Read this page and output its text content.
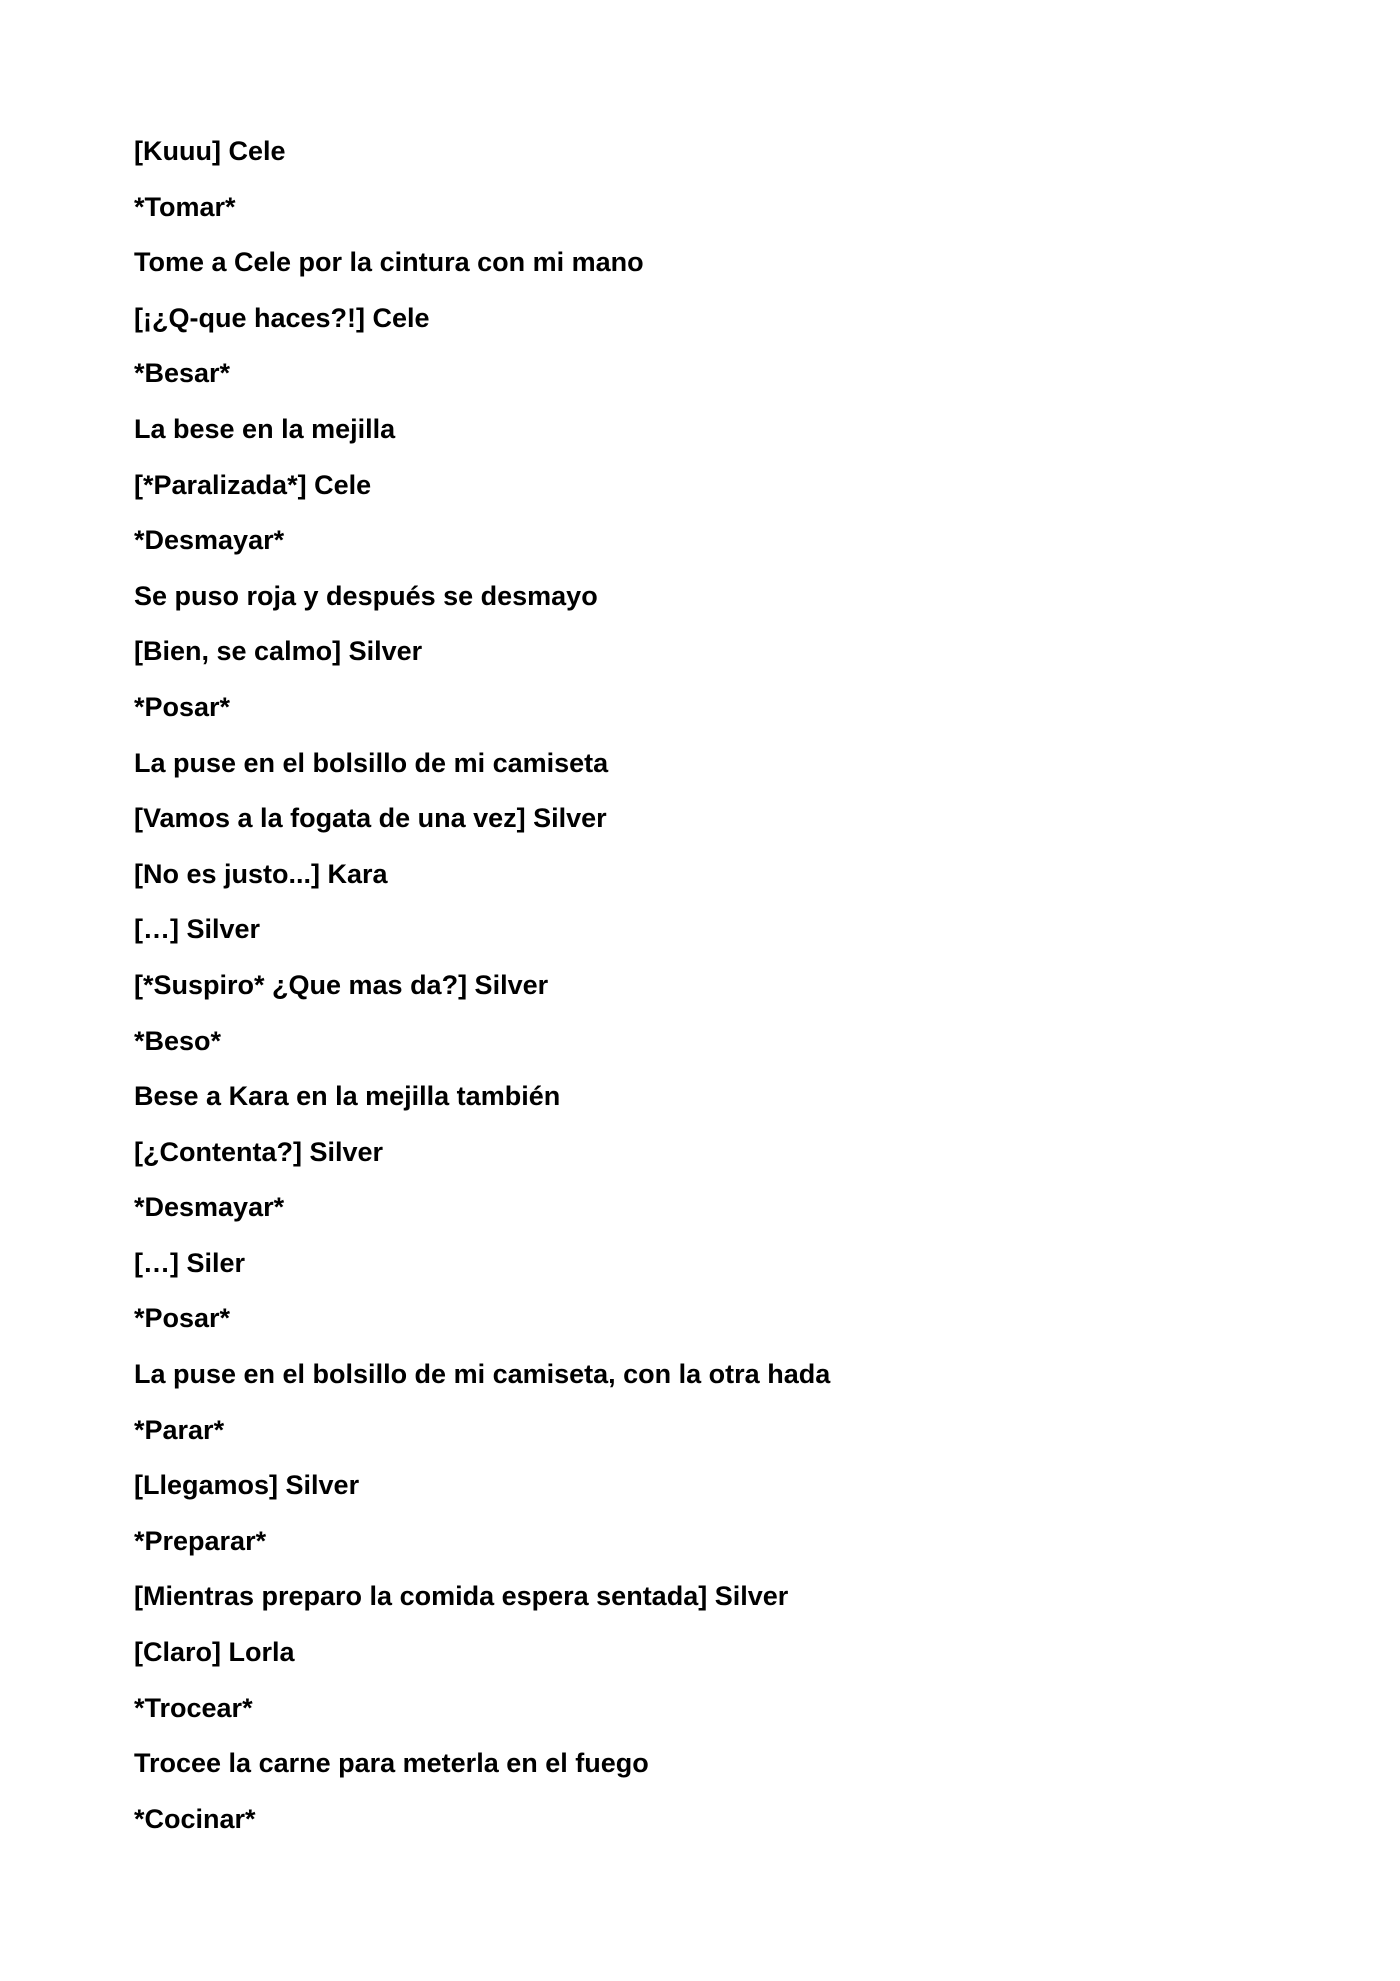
[Kuuu] Cele
*Tomar*
Tome a Cele por la cintura con mi mano
[¡¿Q-que haces?!] Cele
*Besar*
La bese en la mejilla
[*Paralizada*] Cele
*Desmayar*
Se puso roja y después se desmayo
[Bien, se calmo] Silver
*Posar*
La puse en el bolsillo de mi camiseta
[Vamos a la fogata de una vez] Silver
[No es justo...] Kara
[…] Silver
[*Suspiro* ¿Que mas da?] Silver
*Beso*
Bese a Kara en la mejilla también
[¿Contenta?] Silver
*Desmayar*
[…] Siler
*Posar*
La puse en el bolsillo de mi camiseta, con la otra hada
*Parar*
[Llegamos] Silver
*Preparar*
[Mientras preparo la comida espera sentada] Silver
[Claro] Lorla
*Trocear*
Trocee la carne para meterla en el fuego
*Cocinar*
